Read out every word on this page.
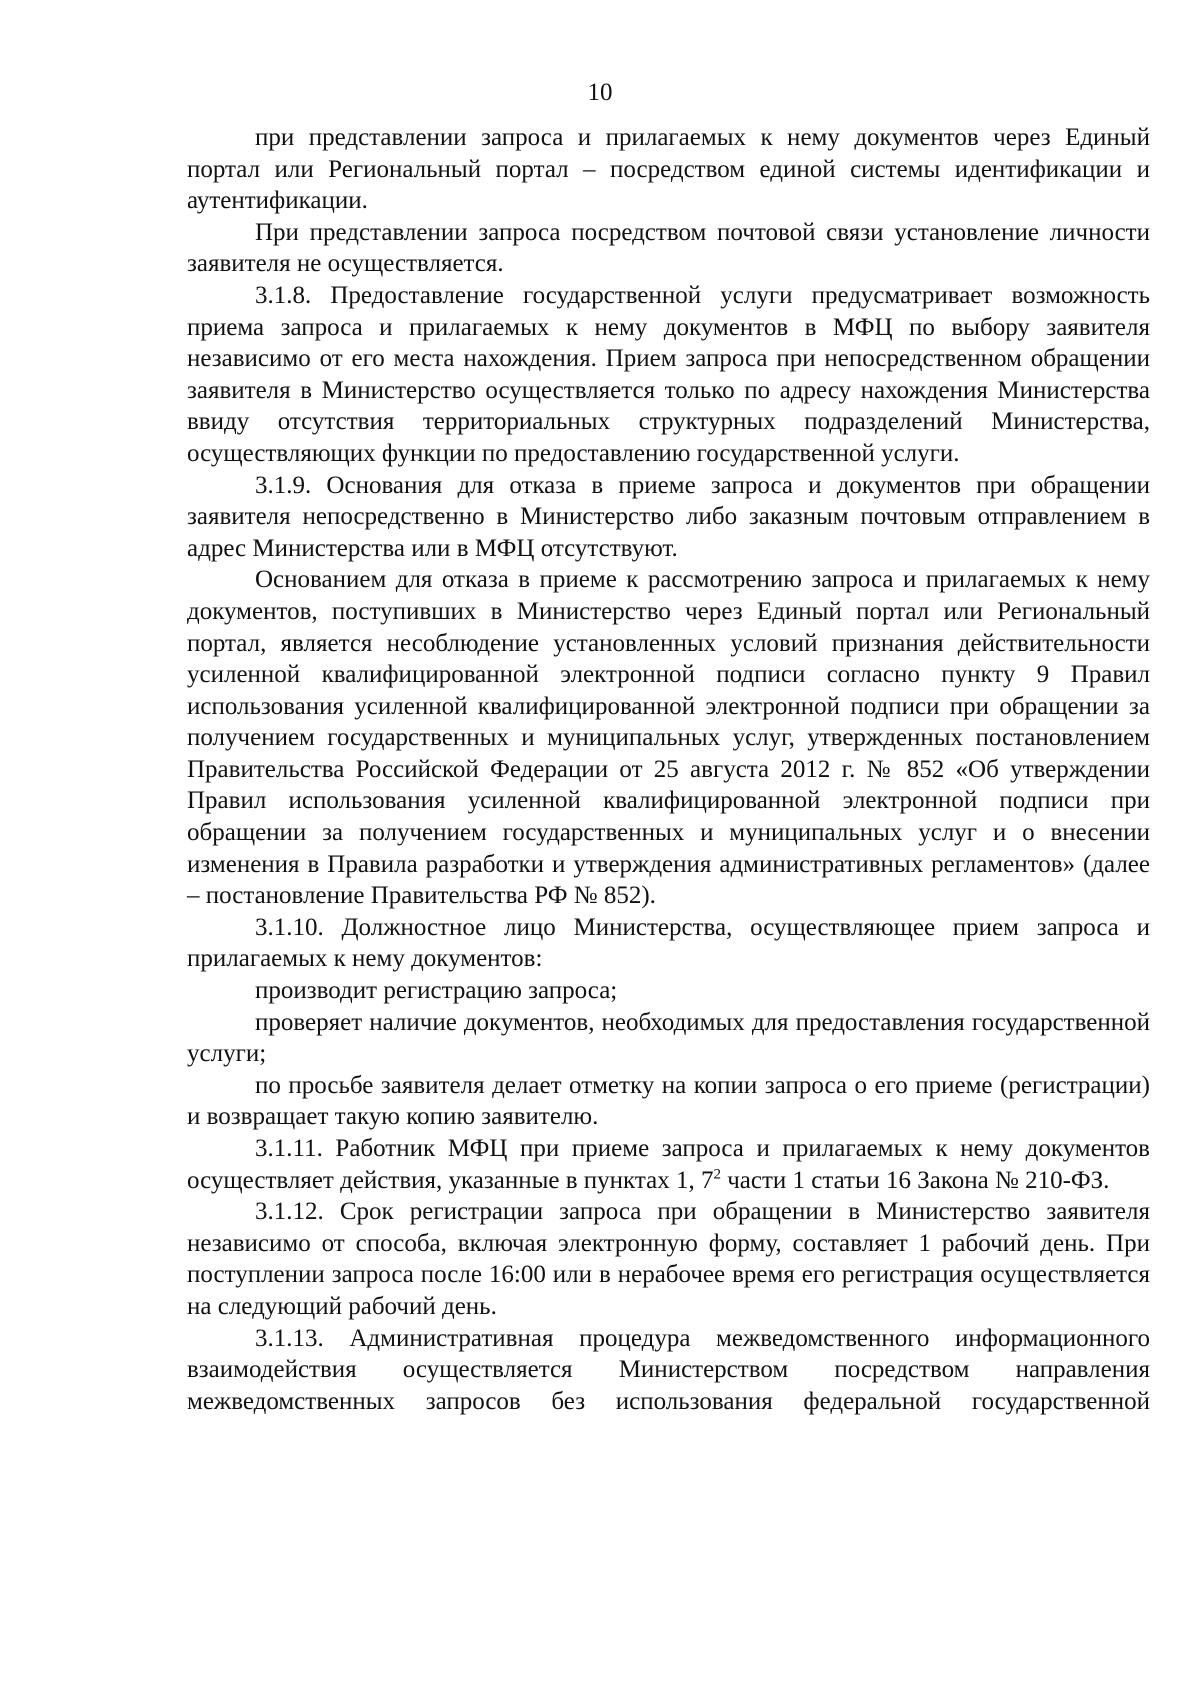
10

при представлении запроса и прилагаемых к нему документов через Единый портал или Региональный портал – посредством единой системы идентификации и аутентификации.

При представлении запроса посредством почтовой связи установление личности заявителя не осуществляется.

3.1.8. Предоставление государственной услуги предусматривает возможность приема запроса и прилагаемых к нему документов в МФЦ по выбору заявителя независимо от его места нахождения. Прием запроса при непосредственном обращении заявителя в Министерство осуществляется только по адресу нахождения Министерства ввиду отсутствия территориальных структурных подразделений Министерства, осуществляющих функции по предоставлению государственной услуги.

3.1.9. Основания для отказа в приеме запроса и документов при обращении заявителя непосредственно в Министерство либо заказным почтовым отправлением в адрес Министерства или в МФЦ отсутствуют.

Основанием для отказа в приеме к рассмотрению запроса и прилагаемых к нему документов, поступивших в Министерство через Единый портал или Региональный портал, является несоблюдение установленных условий признания действительности усиленной квалифицированной электронной подписи согласно пункту 9 Правил использования усиленной квалифицированной электронной подписи при обращении за получением государственных и муниципальных услуг, утвержденных постановлением Правительства Российской Федерации от 25 августа 2012 г. № 852 «Об утверждении Правил использования усиленной квалифицированной электронной подписи при обращении за получением государственных и муниципальных услуг и о внесении изменения в Правила разработки и утверждения административных регламентов» (далее – постановление Правительства РФ № 852).

3.1.10. Должностное лицо Министерства, осуществляющее прием запроса и прилагаемых к нему документов:

производит регистрацию запроса;

проверяет наличие документов, необходимых для предоставления государственной услуги;

по просьбе заявителя делает отметку на копии запроса о его приеме (регистрации) и возвращает такую копию заявителю.

3.1.11. Работник МФЦ при приеме запроса и прилагаемых к нему документов осуществляет действия, указанные в пунктах 1, $7^2$ части 1 статьи 16 Закона № 210-ФЗ.

3.1.12. Срок регистрации запроса при обращении в Министерство заявителя независимо от способа, включая электронную форму, составляет 1 рабочий день. При поступлении запроса после 16:00 или в нерабочее время его регистрация осуществляется на следующий рабочий день.

3.1.13. Административная процедура межведомственного информационного взаимодействия осуществляется Министерством посредством направления межведомственных запросов без использования федеральной государственной
